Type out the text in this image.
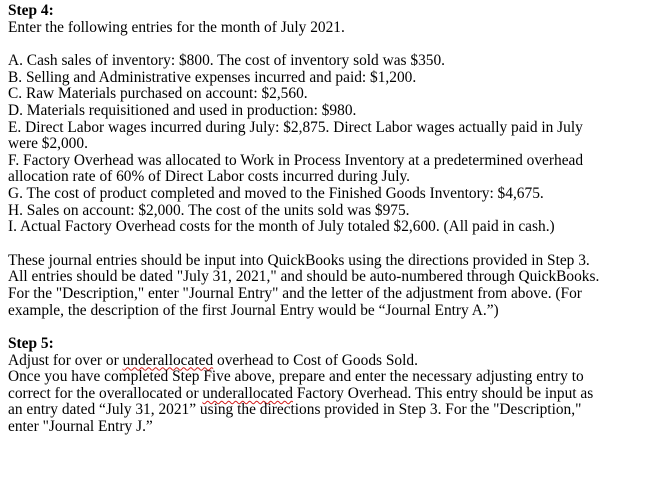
Step 4:
Enter the following entries for the month of July 2021.
A. Cash sales of inventory: $800. The cost of inventory sold was $350.
B. Selling and Administrative expenses incurred and paid: $1,200.
C. Raw Materials purchased on account: $2,560.
D. Materials requisitioned and used in production: $980.
E. Direct Labor wages incurred during July: $2,875. Direct Labor wages actually paid in July
were $2,000.
F. Factory Overhead was allocated to Work in Process Inventory at a predetermined overhead
allocation rate of 60% of Direct Labor costs incurred during July.
G. The cost of product completed and moved to the Finished Goods Inventory: $4,675.
H. Sales on account: $2,000. The cost of the units sold was $975.
I. Actual Factory Overhead costs for the month of July totaled $2,600. (All paid in cash.)
These journal entries should be input into QuickBooks using the directions provided in Step 3.
All entries should be dated "July 31, 2021," and should be auto-numbered through QuickBooks.
For the "Description," enter "Journal Entry" and the letter of the adjustment from above. (For
example, the description of the first Journal Entry would be “Journal Entry A.”)
Step 5:
Adjust for over or underallocated overhead to Cost of Goods Sold.
Once you have completed Step Five above, prepare and enter the necessary adjusting entry to
correct for the overallocated or underallocated Factory Overhead. This entry should be input as
an entry dated “July 31, 2021” using the directions provided in Step 3. For the "Description,"
enter "Journal Entry J.”
